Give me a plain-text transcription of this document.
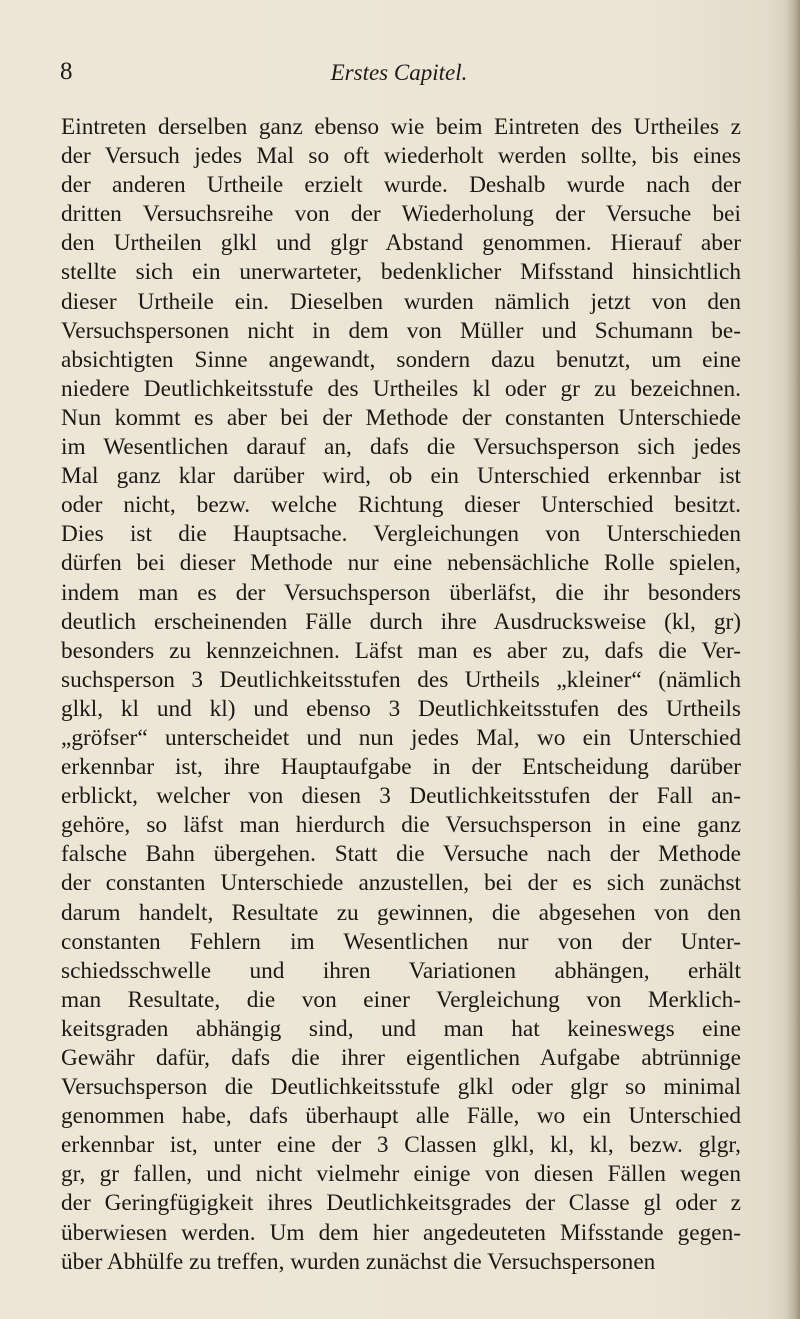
8	Erstes Capitel.
Eintreten derselben ganz ebenso wie beim Eintreten des Urtheiles z
der Versuch jedes Mal so oft wiederholt werden sollte, bis eines
der anderen Urtheile erzielt wurde. Deshalb wurde nach der
dritten Versuchsreihe von der Wiederholung der Versuche bei
den Urtheilen glkl und glgr Abstand genommen. Hierauf aber
stellte sich ein unerwarteter, bedenklicher Mifsstand hinsichtlich
dieser Urtheile ein. Dieselben wurden nämlich jetzt von den
Versuchspersonen nicht in dem von Müller und Schumann be-
absichtigten Sinne angewandt, sondern dazu benutzt, um eine
niedere Deutlichkeitsstufe des Urtheiles kl oder gr zu bezeichnen.
Nun kommt es aber bei der Methode der constanten Unterschiede
im Wesentlichen darauf an, dafs die Versuchsperson sich jedes
Mal ganz klar darüber wird, ob ein Unterschied erkennbar ist
oder nicht, bezw. welche Richtung dieser Unterschied besitzt.
Dies ist die Hauptsache. Vergleichungen von Unterschieden
dürfen bei dieser Methode nur eine nebensächliche Rolle spielen,
indem man es der Versuchsperson überläfst, die ihr besonders
deutlich erscheinenden Fälle durch ihre Ausdrucksweise (kl, gr)
besonders zu kennzeichnen. Läfst man es aber zu, dafs die Ver-
suchsperson 3 Deutlichkeitsstufen des Urtheils „kleiner“ (nämlich
glkl, kl und kl) und ebenso 3 Deutlichkeitsstufen des Urtheils
„gröfser“ unterscheidet und nun jedes Mal, wo ein Unterschied
erkennbar ist, ihre Hauptaufgabe in der Entscheidung darüber
erblickt, welcher von diesen 3 Deutlichkeitsstufen der Fall an-
gehöre, so läfst man hierdurch die Versuchsperson in eine ganz
falsche Bahn übergehen. Statt die Versuche nach der Methode
der constanten Unterschiede anzustellen, bei der es sich zunächst
darum handelt, Resultate zu gewinnen, die abgesehen von den
constanten Fehlern im Wesentlichen nur von der Unter-
schiedsschwelle und ihren Variationen abhängen, erhält
man Resultate, die von einer Vergleichung von Merklich-
keitsgraden abhängig sind, und man hat keineswegs eine
Gewähr dafür, dafs die ihrer eigentlichen Aufgabe abtrünnige
Versuchsperson die Deutlichkeitsstufe glkl oder glgr so minimal
genommen habe, dafs überhaupt alle Fälle, wo ein Unterschied
erkennbar ist, unter eine der 3 Classen glkl, kl, kl, bezw. glgr,
gr, gr fallen, und nicht vielmehr einige von diesen Fällen wegen
der Geringfügigkeit ihres Deutlichkeitsgrades der Classe gl oder z
überwiesen werden. Um dem hier angedeuteten Mifsstande gegen-
über Abhülfe zu treffen, wurden zunächst die Versuchspersonen
